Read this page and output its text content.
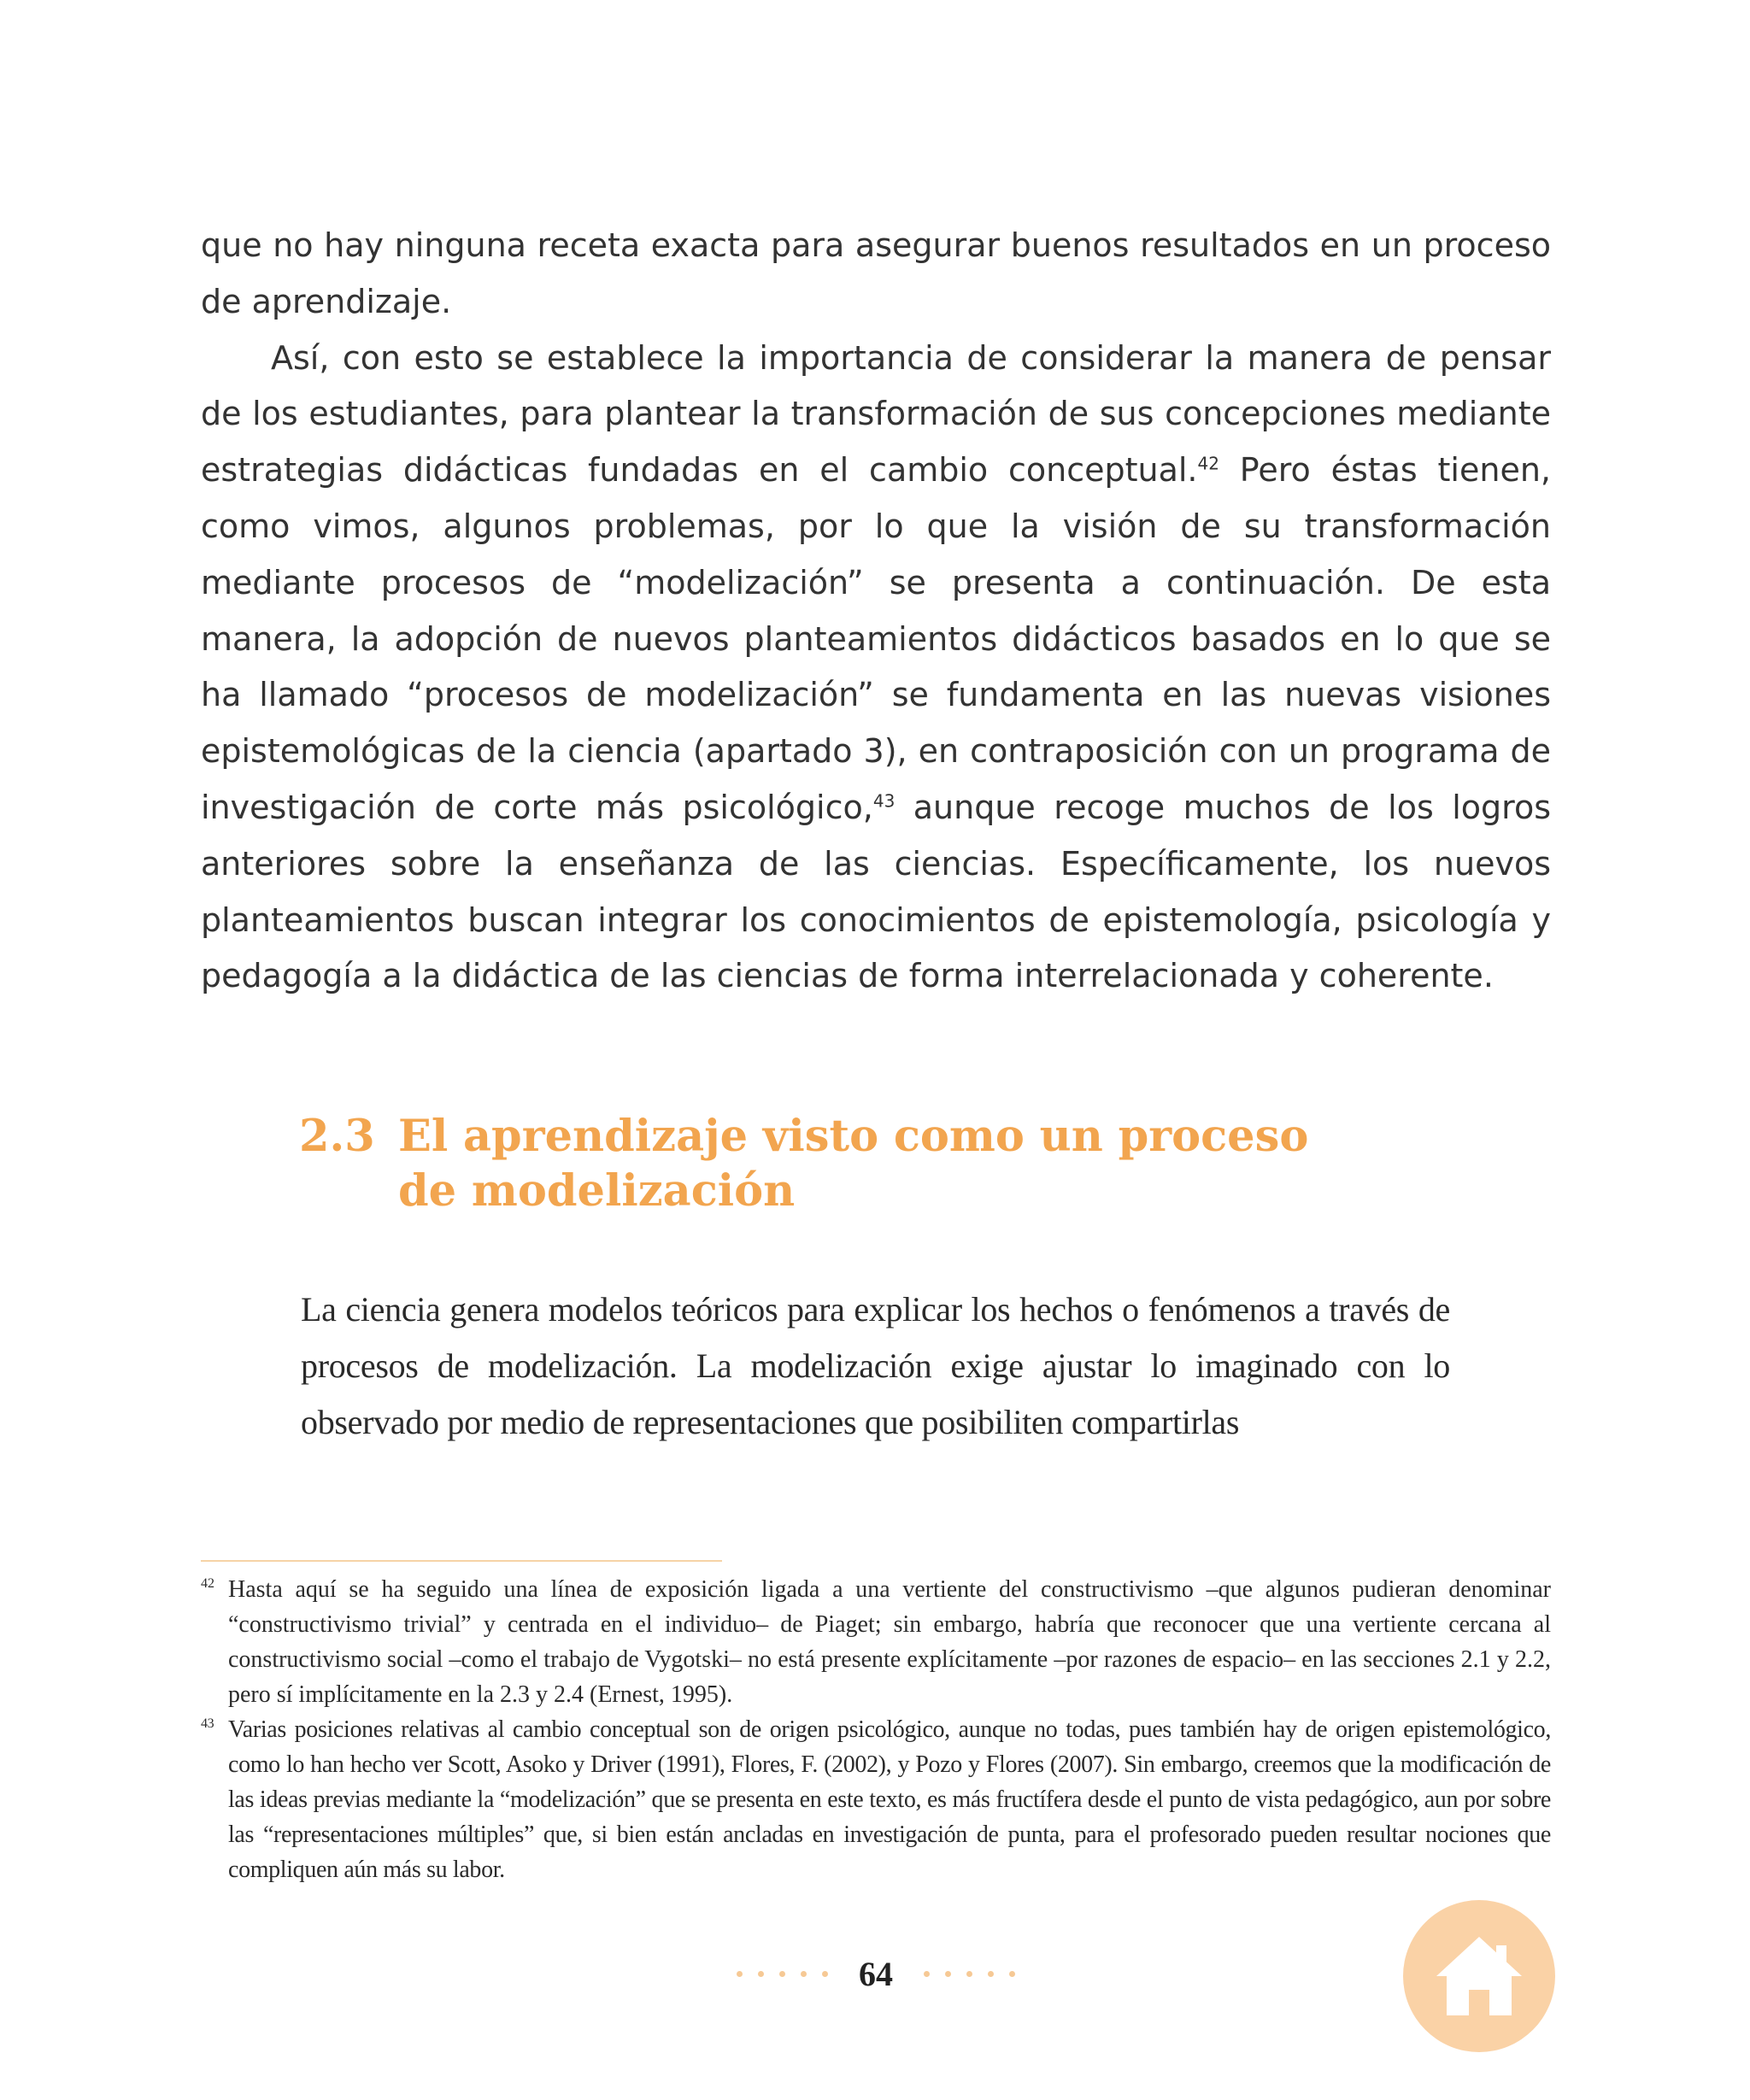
que no hay ninguna receta exacta para asegurar buenos resultados en un proceso de aprendizaje.

Así, con esto se establece la importancia de considerar la manera de pensar de los estudiantes, para plantear la transformación de sus concepciones mediante estrategias didácticas fundadas en el cambio conceptual.$^{42}$ Pero éstas tienen, como vimos, algunos problemas, por lo que la visión de su transformación mediante procesos de “modelización” se presenta a continuación. De esta manera, la adopción de nuevos planteamientos didácticos basados en lo que se ha llamado “procesos de modelización” se fundamenta en las nuevas visiones epistemológicas de la ciencia (apartado 3), en contraposición con un programa de investigación de corte más psicológico,$^{43}$ aunque recoge muchos de los logros anteriores sobre la enseñanza de las ciencias. Específicamente, los nuevos planteamientos buscan integrar los conocimientos de epistemología, psicología y pedagogía a la didáctica de las ciencias de forma interrelacionada y coherente.

2.3 El aprendizaje visto como un proceso
de modelización

La ciencia genera modelos teóricos para explicar los hechos o fenómenos a través de procesos de modelización. La modelización exige ajustar lo imaginado con lo observado por medio de representaciones que posibiliten compartirlas

42 Hasta aquí se ha seguido una línea de exposición ligada a una vertiente del constructivismo –que algunos pudieran denominar “constructivismo trivial” y centrada en el individuo– de Piaget; sin embargo, habría que reconocer que una vertiente cercana al constructivismo social –como el trabajo de Vygotski– no está presente explícitamente –por razones de espacio– en las secciones 2.1 y 2.2, pero sí implícitamente en la 2.3 y 2.4 (Ernest, 1995).

43 Varias posiciones relativas al cambio conceptual son de origen psicológico, aunque no todas, pues también hay de origen epistemológico, como lo han hecho ver Scott, Asoko y Driver (1991), Flores, F. (2002), y Pozo y Flores (2007). Sin embargo, creemos que la modificación de las ideas previas mediante la “modelización” que se presenta en este texto, es más fructífera desde el punto de vista pedagógico, aun por sobre las “representaciones múltiples” que, si bien están ancladas en investigación de punta, para el profesorado pueden resultar nociones que compliquen aún más su labor.

64
